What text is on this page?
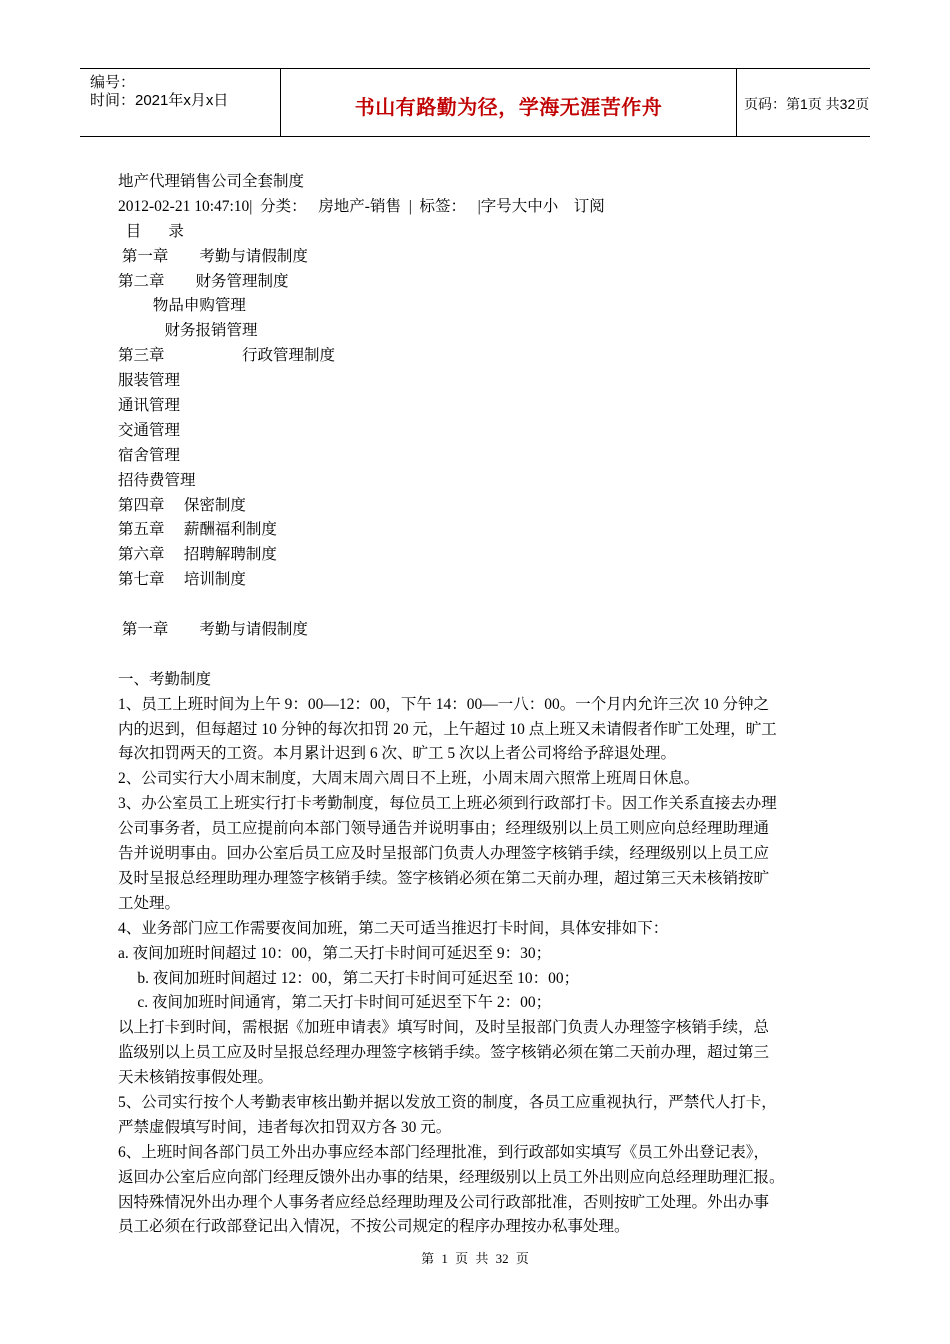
编号：
时间：2021年x月x日	书山有路勤为径，学海无涯苦作舟	页码：第1页 共32页
地产代理销售公司全套制度
2012-02-21 10:47:10|  分类：   房地产-销售  |  标签：   |字号大中小    订阅
目       录
第一章        考勤与请假制度
第二章        财务管理制度
物品申购管理
财务报销管理
第三章                    行政管理制度
服装管理
通讯管理
交通管理
宿舍管理
招待费管理
第四章     保密制度
第五章     薪酬福利制度
第六章     招聘解聘制度
第七章     培训制度
第一章        考勤与请假制度
一、考勤制度
1、员工上班时间为上午 9：00—12：00，下午 14：00—一八：00。一个月内允许三次 10 分钟之
内的迟到，但每超过 10 分钟的每次扣罚 20 元，上午超过 10 点上班又未请假者作旷工处理，旷工
每次扣罚两天的工资。本月累计迟到 6 次、旷工 5 次以上者公司将给予辞退处理。
2、公司实行大小周末制度，大周末周六周日不上班，小周末周六照常上班周日休息。
3、办公室员工上班实行打卡考勤制度，每位员工上班必须到行政部打卡。因工作关系直接去办理
公司事务者，员工应提前向本部门领导通告并说明事由；经理级别以上员工则应向总经理助理通
告并说明事由。回办公室后员工应及时呈报部门负责人办理签字核销手续，经理级别以上员工应
及时呈报总经理助理办理签字核销手续。签字核销必须在第二天前办理，超过第三天未核销按旷
工处理。
4、业务部门应工作需要夜间加班，第二天可适当推迟打卡时间，具体安排如下：
a. 夜间加班时间超过 10：00，第二天打卡时间可延迟至 9：30；
b. 夜间加班时间超过 12：00，第二天打卡时间可延迟至 10：00；
c. 夜间加班时间通宵，第二天打卡时间可延迟至下午 2：00；
以上打卡到时间，需根据《加班申请表》填写时间，及时呈报部门负责人办理签字核销手续，总
监级别以上员工应及时呈报总经理办理签字核销手续。签字核销必须在第二天前办理，超过第三
天未核销按事假处理。
5、公司实行按个人考勤表审核出勤并据以发放工资的制度，各员工应重视执行，严禁代人打卡，
严禁虚假填写时间，违者每次扣罚双方各 30 元。
6、上班时间各部门员工外出办事应经本部门经理批准，到行政部如实填写《员工外出登记表》，
返回办公室后应向部门经理反馈外出办事的结果，经理级别以上员工外出则应向总经理助理汇报。
因特殊情况外出办理个人事务者应经总经理助理及公司行政部批准，否则按旷工处理。外出办事
员工必须在行政部登记出入情况，不按公司规定的程序办理按办私事处理。
第 1 页 共 32 页
